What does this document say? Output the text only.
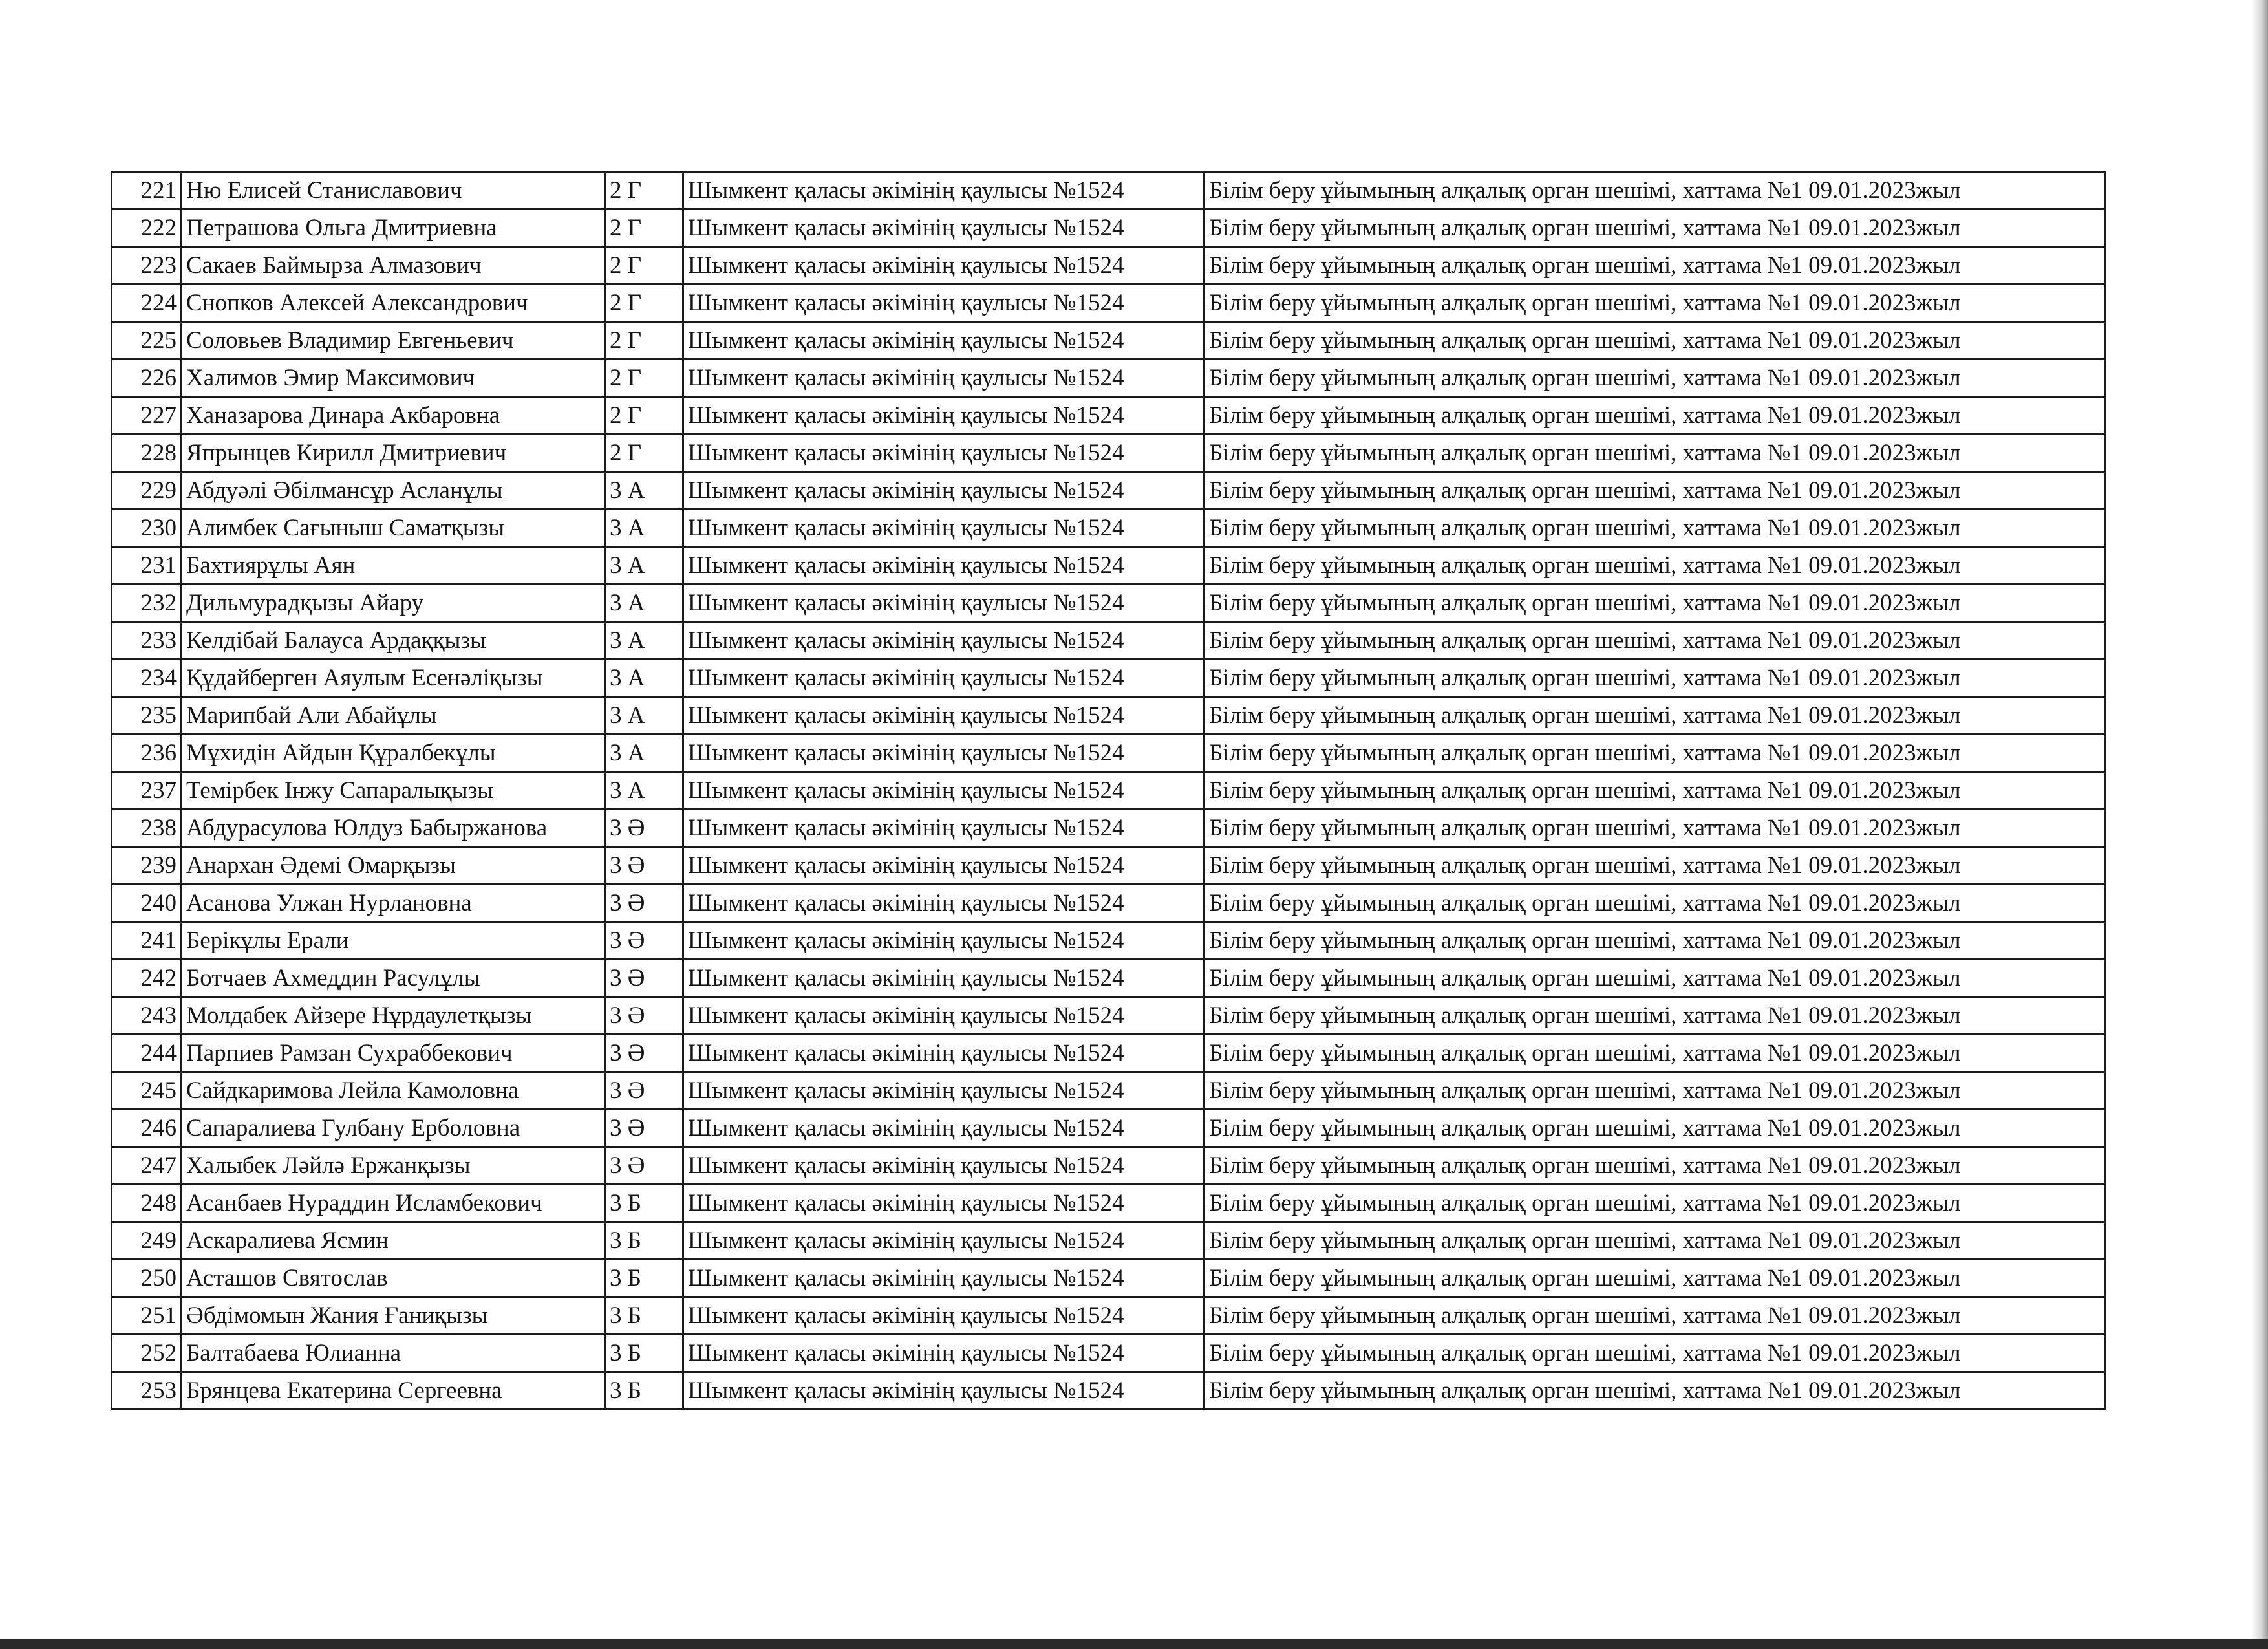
221	Ню Елисей Станиславович	2 Г	Шымкент қаласы әкімінің қаулысы №1524	Білім беру ұйымының алқалық орган шешімі, хаттама №1 09.01.2023жыл
222	Петрашова Ольга Дмитриевна	2 Г	Шымкент қаласы әкімінің қаулысы №1524	Білім беру ұйымының алқалық орган шешімі, хаттама №1 09.01.2023жыл
223	Сакаев Баймырза Алмазович	2 Г	Шымкент қаласы әкімінің қаулысы №1524	Білім беру ұйымының алқалық орган шешімі, хаттама №1 09.01.2023жыл
224	Снопков Алексей Александрович	2 Г	Шымкент қаласы әкімінің қаулысы №1524	Білім беру ұйымының алқалық орган шешімі, хаттама №1 09.01.2023жыл
225	Соловьев Владимир Евгеньевич	2 Г	Шымкент қаласы әкімінің қаулысы №1524	Білім беру ұйымының алқалық орган шешімі, хаттама №1 09.01.2023жыл
226	Халимов Эмир Максимович	2 Г	Шымкент қаласы әкімінің қаулысы №1524	Білім беру ұйымының алқалық орган шешімі, хаттама №1 09.01.2023жыл
227	Ханазарова Динара Акбаровна	2 Г	Шымкент қаласы әкімінің қаулысы №1524	Білім беру ұйымының алқалық орган шешімі, хаттама №1 09.01.2023жыл
228	Япрынцев Кирилл Дмитриевич	2 Г	Шымкент қаласы әкімінің қаулысы №1524	Білім беру ұйымының алқалық орган шешімі, хаттама №1 09.01.2023жыл
229	Абдуәлі Әбілмансұр Асланұлы	3 А	Шымкент қаласы әкімінің қаулысы №1524	Білім беру ұйымының алқалық орган шешімі, хаттама №1 09.01.2023жыл
230	Алимбек Сағыныш Саматқызы	3 А	Шымкент қаласы әкімінің қаулысы №1524	Білім беру ұйымының алқалық орган шешімі, хаттама №1 09.01.2023жыл
231	Бахтиярұлы Аян	3 А	Шымкент қаласы әкімінің қаулысы №1524	Білім беру ұйымының алқалық орган шешімі, хаттама №1 09.01.2023жыл
232	Дильмурадқызы Айару	3 А	Шымкент қаласы әкімінің қаулысы №1524	Білім беру ұйымының алқалық орган шешімі, хаттама №1 09.01.2023жыл
233	Келдібай Балауса Ардаққызы	3 А	Шымкент қаласы әкімінің қаулысы №1524	Білім беру ұйымының алқалық орган шешімі, хаттама №1 09.01.2023жыл
234	Құдайберген Аяулым Есенәліқызы	3 А	Шымкент қаласы әкімінің қаулысы №1524	Білім беру ұйымының алқалық орган шешімі, хаттама №1 09.01.2023жыл
235	Марипбай Али Абайұлы	3 А	Шымкент қаласы әкімінің қаулысы №1524	Білім беру ұйымының алқалық орган шешімі, хаттама №1 09.01.2023жыл
236	Мұхидін Айдын Құралбекұлы	3 А	Шымкент қаласы әкімінің қаулысы №1524	Білім беру ұйымының алқалық орган шешімі, хаттама №1 09.01.2023жыл
237	Темірбек Інжу Сапаралықызы	3 А	Шымкент қаласы әкімінің қаулысы №1524	Білім беру ұйымының алқалық орган шешімі, хаттама №1 09.01.2023жыл
238	Абдурасулова Юлдуз Бабыржанова	3 Ә	Шымкент қаласы әкімінің қаулысы №1524	Білім беру ұйымының алқалық орган шешімі, хаттама №1 09.01.2023жыл
239	Анархан Әдемі Омарқызы	3 Ә	Шымкент қаласы әкімінің қаулысы №1524	Білім беру ұйымының алқалық орган шешімі, хаттама №1 09.01.2023жыл
240	Асанова Улжан Нурлановна	3 Ә	Шымкент қаласы әкімінің қаулысы №1524	Білім беру ұйымының алқалық орган шешімі, хаттама №1 09.01.2023жыл
241	Берікұлы Ерали	3 Ә	Шымкент қаласы әкімінің қаулысы №1524	Білім беру ұйымының алқалық орган шешімі, хаттама №1 09.01.2023жыл
242	Ботчаев Ахмеддин Расулұлы	3 Ә	Шымкент қаласы әкімінің қаулысы №1524	Білім беру ұйымының алқалық орган шешімі, хаттама №1 09.01.2023жыл
243	Молдабек Айзере Нұрдаулетқызы	3 Ә	Шымкент қаласы әкімінің қаулысы №1524	Білім беру ұйымының алқалық орган шешімі, хаттама №1 09.01.2023жыл
244	Парпиев Рамзан Сухраббекович	3 Ә	Шымкент қаласы әкімінің қаулысы №1524	Білім беру ұйымының алқалық орган шешімі, хаттама №1 09.01.2023жыл
245	Сайдкаримова Лейла Камоловна	3 Ә	Шымкент қаласы әкімінің қаулысы №1524	Білім беру ұйымының алқалық орган шешімі, хаттама №1 09.01.2023жыл
246	Сапаралиева Гулбану Ерболовна	3 Ә	Шымкент қаласы әкімінің қаулысы №1524	Білім беру ұйымының алқалық орган шешімі, хаттама №1 09.01.2023жыл
247	Халыбек Ләйлә Ержанқызы	3 Ә	Шымкент қаласы әкімінің қаулысы №1524	Білім беру ұйымының алқалық орган шешімі, хаттама №1 09.01.2023жыл
248	Асанбаев Нураддин Исламбекович	3 Б	Шымкент қаласы әкімінің қаулысы №1524	Білім беру ұйымының алқалық орган шешімі, хаттама №1 09.01.2023жыл
249	Аскаралиева Ясмин	3 Б	Шымкент қаласы әкімінің қаулысы №1524	Білім беру ұйымының алқалық орган шешімі, хаттама №1 09.01.2023жыл
250	Асташов Святослав	3 Б	Шымкент қаласы әкімінің қаулысы №1524	Білім беру ұйымының алқалық орган шешімі, хаттама №1 09.01.2023жыл
251	Әбдімомын Жания Ғаниқызы	3 Б	Шымкент қаласы әкімінің қаулысы №1524	Білім беру ұйымының алқалық орган шешімі, хаттама №1 09.01.2023жыл
252	Балтабаева Юлианна	3 Б	Шымкент қаласы әкімінің қаулысы №1524	Білім беру ұйымының алқалық орган шешімі, хаттама №1 09.01.2023жыл
253	Брянцева Екатерина Сергеевна	3 Б	Шымкент қаласы әкімінің қаулысы №1524	Білім беру ұйымының алқалық орган шешімі, хаттама №1 09.01.2023жыл
